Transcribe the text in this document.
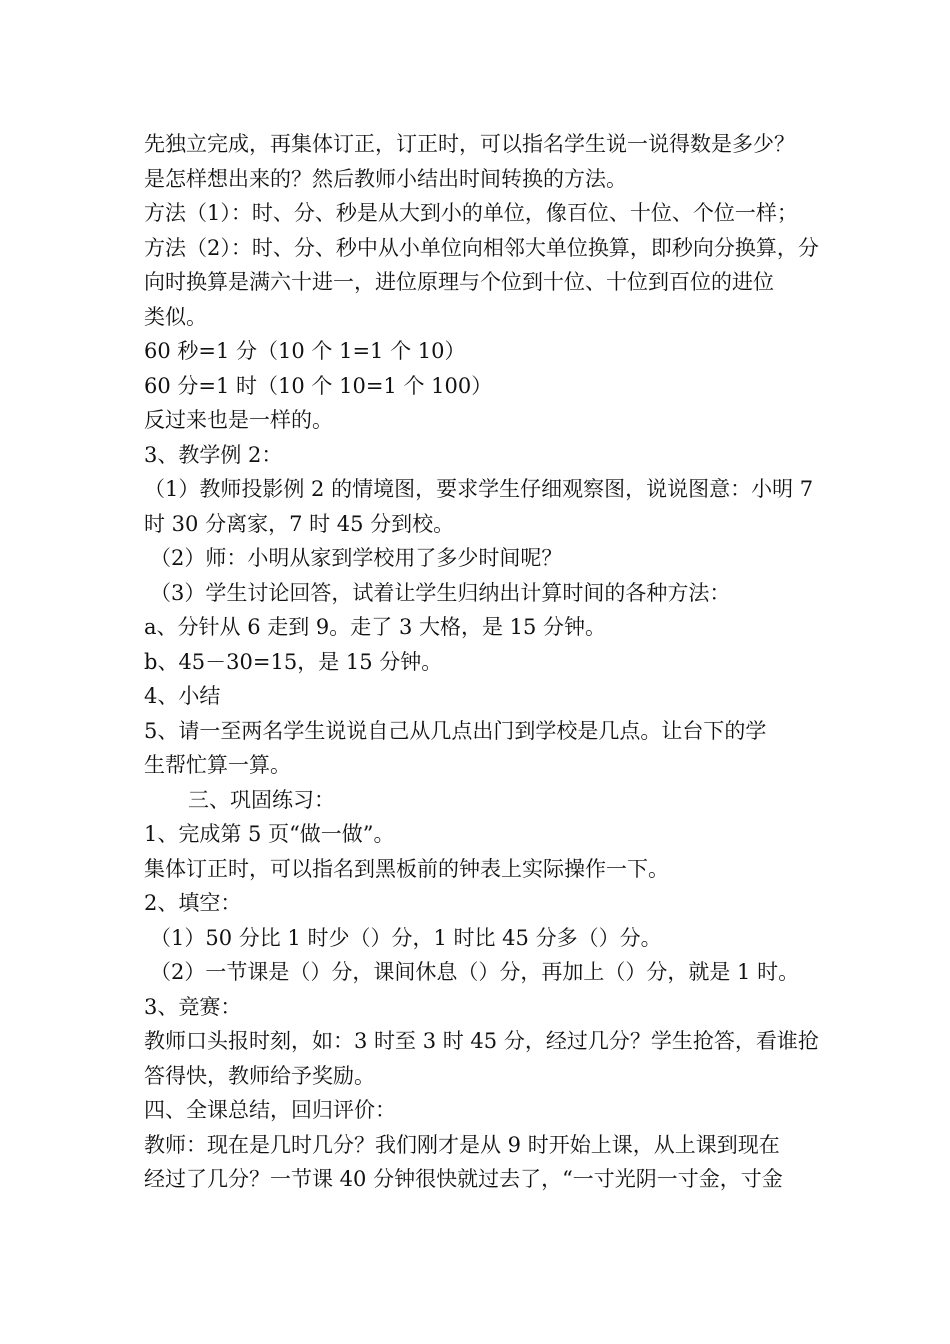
先独立完成，再集体订正，订正时，可以指名学生说一说得数是多少？
是怎样想出来的？然后教师小结出时间转换的方法。
方法（1）：时、分、秒是从大到小的单位，像百位、十位、个位一样；
方法（2）：时、分、秒中从小单位向相邻大单位换算，即秒向分换算，分
向时换算是满六十进一，进位原理与个位到十位、十位到百位的进位
类似。
60 秒=1 分（10 个 1=1 个 10）
60 分=1 时（10 个 10=1 个 100）
反过来也是一样的。
3、教学例 2：
（1）教师投影例 2 的情境图，要求学生仔细观察图，说说图意：小明 7
时 30 分离家，7 时 45 分到校。
（2）师：小明从家到学校用了多少时间呢？
（3）学生讨论回答，试着让学生归纳出计算时间的各种方法：
a、分针从 6 走到 9。走了 3 大格，是 15 分钟。
b、45－30=15，是 15 分钟。
4、小结
5、请一至两名学生说说自己从几点出门到学校是几点。让台下的学
生帮忙算一算。
三、巩固练习：
1、完成第 5 页“做一做”。
集体订正时，可以指名到黑板前的钟表上实际操作一下。
2、填空：
（1）50 分比 1 时少（）分，1 时比 45 分多（）分。
（2）一节课是（）分，课间休息（）分，再加上（）分，就是 1 时。
3、竞赛：
教师口头报时刻，如：3 时至 3 时 45 分，经过几分？学生抢答，看谁抢
答得快，教师给予奖励。
四、全课总结，回归评价：
教师：现在是几时几分？我们刚才是从 9 时开始上课，从上课到现在
经过了几分？一节课 40 分钟很快就过去了，“一寸光阴一寸金，寸金
